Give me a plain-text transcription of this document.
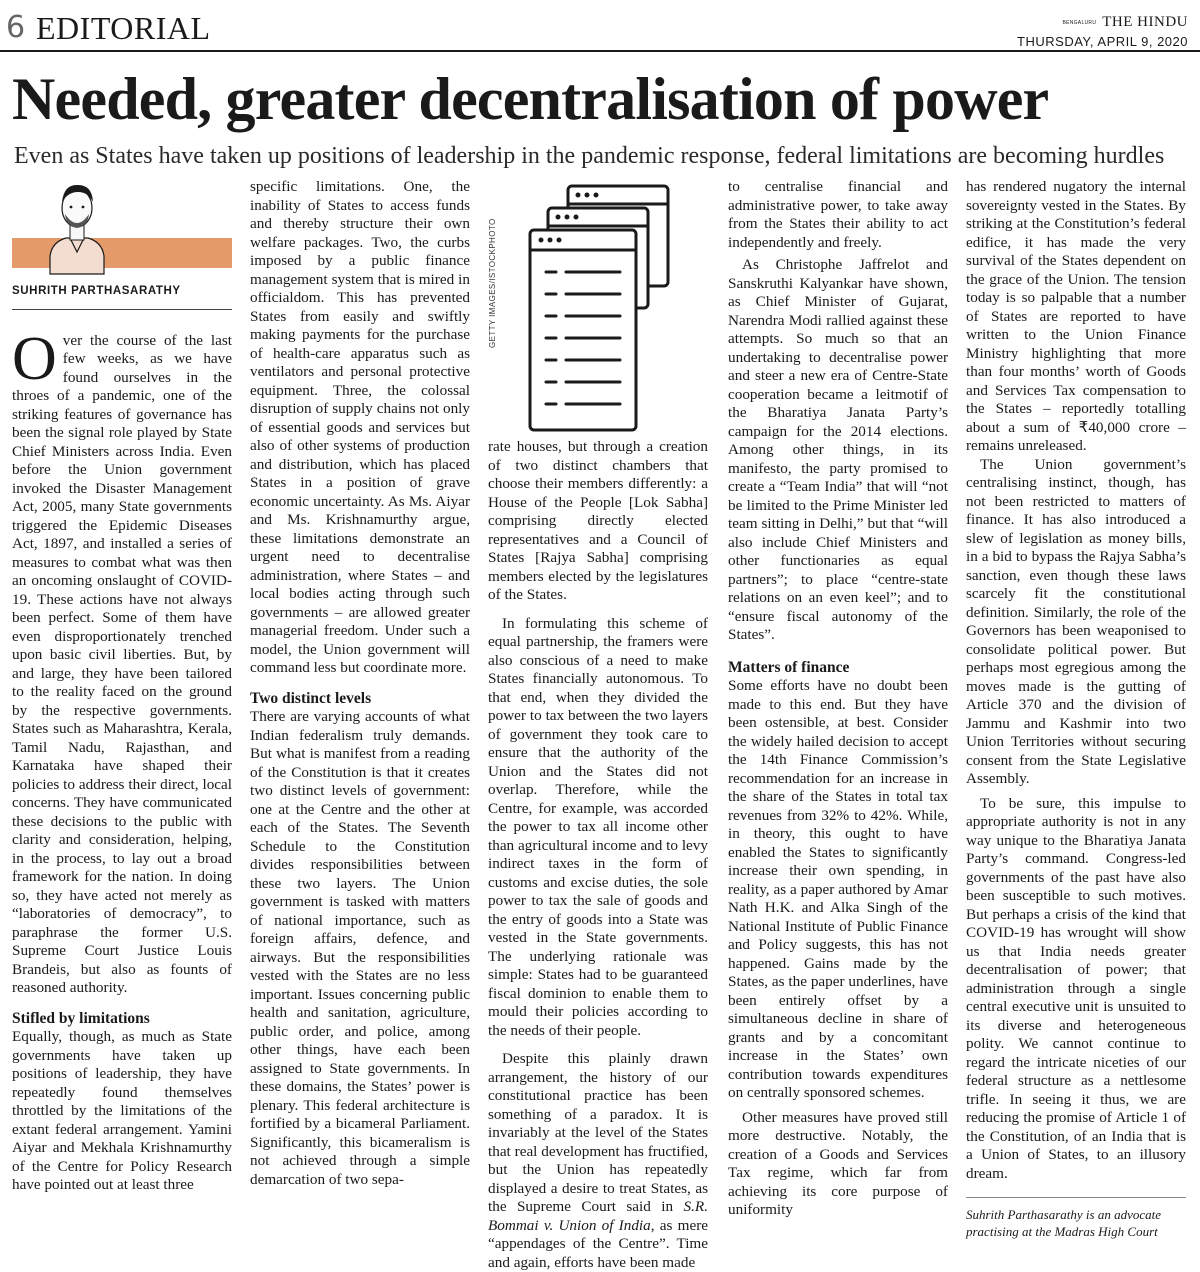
6 EDITORIAL	BENGALURU THE HINDU
THURSDAY, APRIL 9, 2020
Needed, greater decentralisation of power
Even as States have taken up positions of leadership in the pandemic response, federal limitations are becoming hurdles
SUHRITH PARTHASARATHY
O ver the course of the last few weeks, as we have found ourselves in the throes of a pandemic, one of the striking features of governance has been the signal role played by State Chief Ministers across India. Even before the Union government invoked the Disaster Management Act, 2005, many State governments triggered the Epidemic Diseases Act, 1897, and installed a series of measures to combat what was then an oncoming onslaught of COVID-19. These actions have not always been perfect. Some of them have even disproportionately trenched upon basic civil liberties. But, by and large, they have been tailored to the reality faced on the ground by the respective governments. States such as Maharashtra, Kerala, Tamil Nadu, Rajasthan, and Karnataka have shaped their policies to address their direct, local concerns. They have communicated these decisions to the public with clarity and consideration, helping, in the process, to lay out a broad framework for the nation. In doing so, they have acted not merely as “laboratories of democracy”, to paraphrase the former U.S. Supreme Court Justice Louis Brandeis, but also as founts of reasoned authority.

Stifled by limitations

Equally, though, as much as State governments have taken up positions of leadership, they have repeatedly found themselves throttled by the limitations of the extant federal arrangement. Yamini Aiyar and Mekhala Krishnamurthy of the Centre for Policy Research have pointed out at least three

specific limitations. One, the inability of States to access funds and thereby structure their own welfare packages. Two, the curbs imposed by a public finance management system that is mired in officialdom. This has prevented States from easily and swiftly making payments for the purchase of health-care apparatus such as ventilators and personal protective equipment. Three, the colossal disruption of supply chains not only of essential goods and services but also of other systems of production and distribution, which has placed States in a position of grave economic uncertainty. As Ms. Aiyar and Ms. Krishnamurthy argue, these limitations demonstrate an urgent need to decentralise administration, where States – and local bodies acting through such governments – are allowed greater managerial freedom. Under such a model, the Union government will command less but coordinate more.

Two distinct levels

There are varying accounts of what Indian federalism truly demands. But what is manifest from a reading of the Constitution is that it creates two distinct levels of government: one at the Centre and the other at each of the States. The Seventh Schedule to the Constitution divides responsibilities between these two layers. The Union government is tasked with matters of national importance, such as foreign affairs, defence, and airways. But the responsibilities vested with the States are no less important. Issues concerning public health and sanitation, agriculture, public order, and police, among other things, have each been assigned to State governments. In these domains, the States’ power is plenary. This federal architecture is fortified by a bicameral Parliament. Significantly, this bicameralism is not achieved through a simple demarcation of two sepa-

GETTY IMAGES/ISTOCKPHOTO

rate houses, but through a creation of two distinct chambers that choose their members differently: a House of the People [Lok Sabha] comprising directly elected representatives and a Council of States [Rajya Sabha] comprising members elected by the legislatures of the States.

In formulating this scheme of equal partnership, the framers were also conscious of a need to make States financially autonomous. To that end, when they divided the power to tax between the two layers of government they took care to ensure that the authority of the Union and the States did not overlap. Therefore, while the Centre, for example, was accorded the power to tax all income other than agricultural income and to levy indirect taxes in the form of customs and excise duties, the sole power to tax the sale of goods and the entry of goods into a State was vested in the State governments. The underlying rationale was simple: States had to be guaranteed fiscal dominion to enable them to mould their policies according to the needs of their people.

Despite this plainly drawn arrangement, the history of our constitutional practice has been something of a paradox. It is invariably at the level of the States that real development has fructified, but the Union has repeatedly displayed a desire to treat States, as the Supreme Court said in S.R. Bommai v. Union of India, as mere “appendages of the Centre”. Time and again, efforts have been made

to centralise financial and administrative power, to take away from the States their ability to act independently and freely.

As Christophe Jaffrelot and Sanskruthi Kalyankar have shown, as Chief Minister of Gujarat, Narendra Modi rallied against these attempts. So much so that an undertaking to decentralise power and steer a new era of Centre-State cooperation became a leitmotif of the Bharatiya Janata Party’s campaign for the 2014 elections. Among other things, in its manifesto, the party promised to create a “Team India” that will “not be limited to the Prime Minister led team sitting in Delhi,” but that “will also include Chief Ministers and other functionaries as equal partners”; to place “centre-state relations on an even keel”; and to “ensure fiscal autonomy of the States”.

Matters of finance

Some efforts have no doubt been made to this end. But they have been ostensible, at best. Consider the widely hailed decision to accept the 14th Finance Commission’s recommendation for an increase in the share of the States in total tax revenues from 32% to 42%. While, in theory, this ought to have enabled the States to significantly increase their own spending, in reality, as a paper authored by Amar Nath H.K. and Alka Singh of the National Institute of Public Finance and Policy suggests, this has not happened. Gains made by the States, as the paper underlines, have been entirely offset by a simultaneous decline in share of grants and by a concomitant increase in the States’ own contribution towards expenditures on centrally sponsored schemes.

Other measures have proved still more destructive. Notably, the creation of a Goods and Services Tax regime, which far from achieving its core purpose of uniformity

has rendered nugatory the internal sovereignty vested in the States. By striking at the Constitution’s federal edifice, it has made the very survival of the States dependent on the grace of the Union. The tension today is so palpable that a number of States are reported to have written to the Union Finance Ministry highlighting that more than four months’ worth of Goods and Services Tax compensation to the States – reportedly totalling about a sum of ₹40,000 crore – remains unreleased.

The Union government’s centralising instinct, though, has not been restricted to matters of finance. It has also introduced a slew of legislation as money bills, in a bid to bypass the Rajya Sabha’s sanction, even though these laws scarcely fit the constitutional definition. Similarly, the role of the Governors has been weaponised to consolidate political power. But perhaps most egregious among the moves made is the gutting of Article 370 and the division of Jammu and Kashmir into two Union Territories without securing consent from the State Legislative Assembly.

To be sure, this impulse to appropriate authority is not in any way unique to the Bharatiya Janata Party’s command. Congress-led governments of the past have also been susceptible to such motives. But perhaps a crisis of the kind that COVID-19 has wrought will show us that India needs greater decentralisation of power; that administration through a single central executive unit is unsuited to its diverse and heterogeneous polity. We cannot continue to regard the intricate niceties of our federal structure as a nettlesome trifle. In seeing it thus, we are reducing the promise of Article 1 of the Constitution, of an India that is a Union of States, to an illusory dream.

Suhrith Parthasarathy is an advocate practising at the Madras High Court
